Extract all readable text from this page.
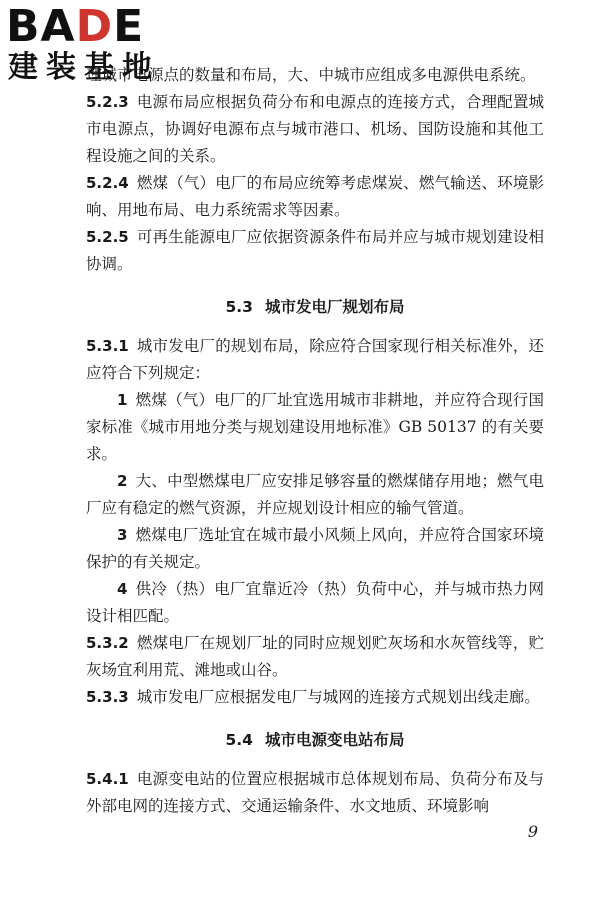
BADE
建装基地

理城市电源点的数量和布局，大、中城市应组成多电源供电系统。

5.2.3 电源布局应根据负荷分布和电源点的连接方式，合理配置城市电源点，协调好电源布点与城市港口、机场、国防设施和其他工程设施之间的关系。

5.2.4 燃煤（气）电厂的布局应统筹考虑煤炭、燃气输送、环境影响、用地布局、电力系统需求等因素。

5.2.5 可再生能源电厂应依据资源条件布局并应与城市规划建设相协调。

5.3 城市发电厂规划布局

5.3.1 城市发电厂的规划布局，除应符合国家现行相关标准外，还应符合下列规定：

1 燃煤（气）电厂的厂址宜选用城市非耕地，并应符合现行国家标准《城市用地分类与规划建设用地标准》GB 50137 的有关要求。

2 大、中型燃煤电厂应安排足够容量的燃煤储存用地；燃气电厂应有稳定的燃气资源，并应规划设计相应的输气管道。

3 燃煤电厂选址宜在城市最小风频上风向，并应符合国家环境保护的有关规定。

4 供冷（热）电厂宜靠近冷（热）负荷中心，并与城市热力网设计相匹配。

5.3.2 燃煤电厂在规划厂址的同时应规划贮灰场和水灰管线等，贮灰场宜利用荒、滩地或山谷。

5.3.3 城市发电厂应根据发电厂与城网的连接方式规划出线走廊。

5.4 城市电源变电站布局

5.4.1 电源变电站的位置应根据城市总体规划布局、负荷分布及与外部电网的连接方式、交通运输条件、水文地质、环境影响

9
